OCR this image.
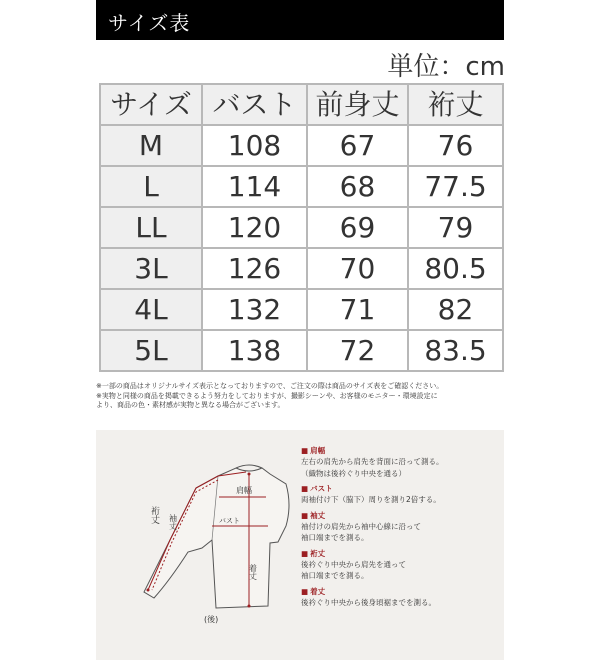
サイズ表
単位：cm
サイズ	バスト	前身丈	裄丈
M	108	67	76
L	114	68	77.5
LL	120	69	79
3L	126	70	80.5
4L	132	71	82
5L	138	72	83.5

※一部の商品はオリジナルサイズ表示となっておりますので、ご注文の際は商品のサイズ表をご確認ください。

※実物と同様の商品を掲載できるよう努力をしておりますが、撮影シーンや、お客様のモニター・環境設定に

より、商品の色・素材感が実物と異なる場合がございます。

肩幅
バスト
着丈
裄丈 袖丈
(後)
■ 肩幅
左右の肩先から肩先を背面に沿って測る。
（織物は後衿ぐり中央を通る）
■ バスト
両袖付け下（脇下）周りを測り2倍する。
■ 袖丈
袖付けの肩先から袖中心線に沿って
袖口端までを測る。
■ 裄丈
後衿ぐり中央から肩先を通って
袖口端までを測る。
■ 着丈
後衿ぐり中央から後身頃裾までを測る。
